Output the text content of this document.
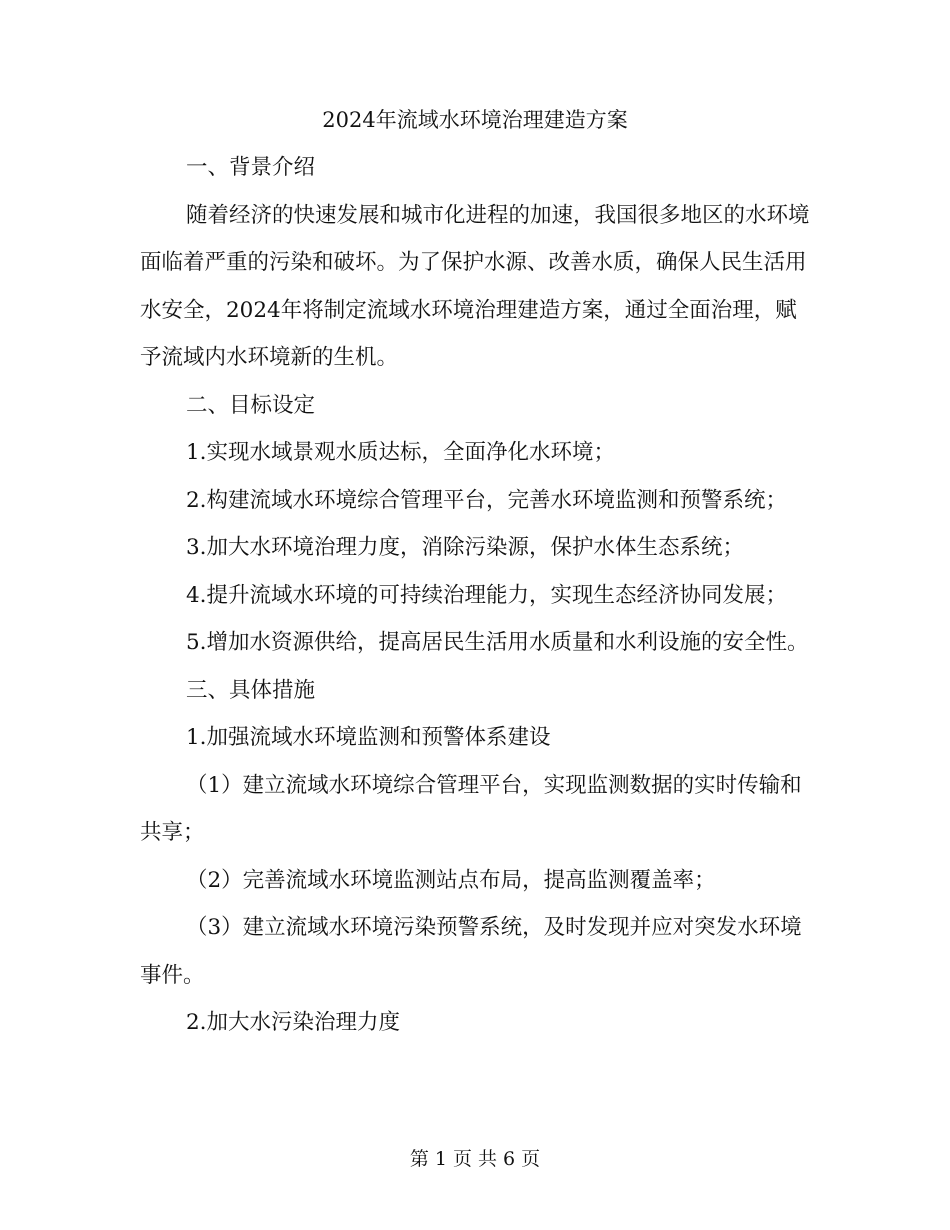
2024年流域水环境治理建造方案

一、背景介绍

随着经济的快速发展和城市化进程的加速，我国很多地区的水环境面临着严重的污染和破坏。为了保护水源、改善水质，确保人民生活用水安全，2024年将制定流域水环境治理建造方案，通过全面治理，赋予流域内水环境新的生机。

二、目标设定

1.实现水域景观水质达标，全面净化水环境；

2.构建流域水环境综合管理平台，完善水环境监测和预警系统；

3.加大水环境治理力度，消除污染源，保护水体生态系统；

4.提升流域水环境的可持续治理能力，实现生态经济协同发展；

5.增加水资源供给，提高居民生活用水质量和水利设施的安全性。

三、具体措施

1.加强流域水环境监测和预警体系建设

（1）建立流域水环境综合管理平台，实现监测数据的实时传输和共享；

（2）完善流域水环境监测站点布局，提高监测覆盖率；

（3）建立流域水环境污染预警系统，及时发现并应对突发水环境事件。

2.加大水污染治理力度

第 1 页 共 6 页
